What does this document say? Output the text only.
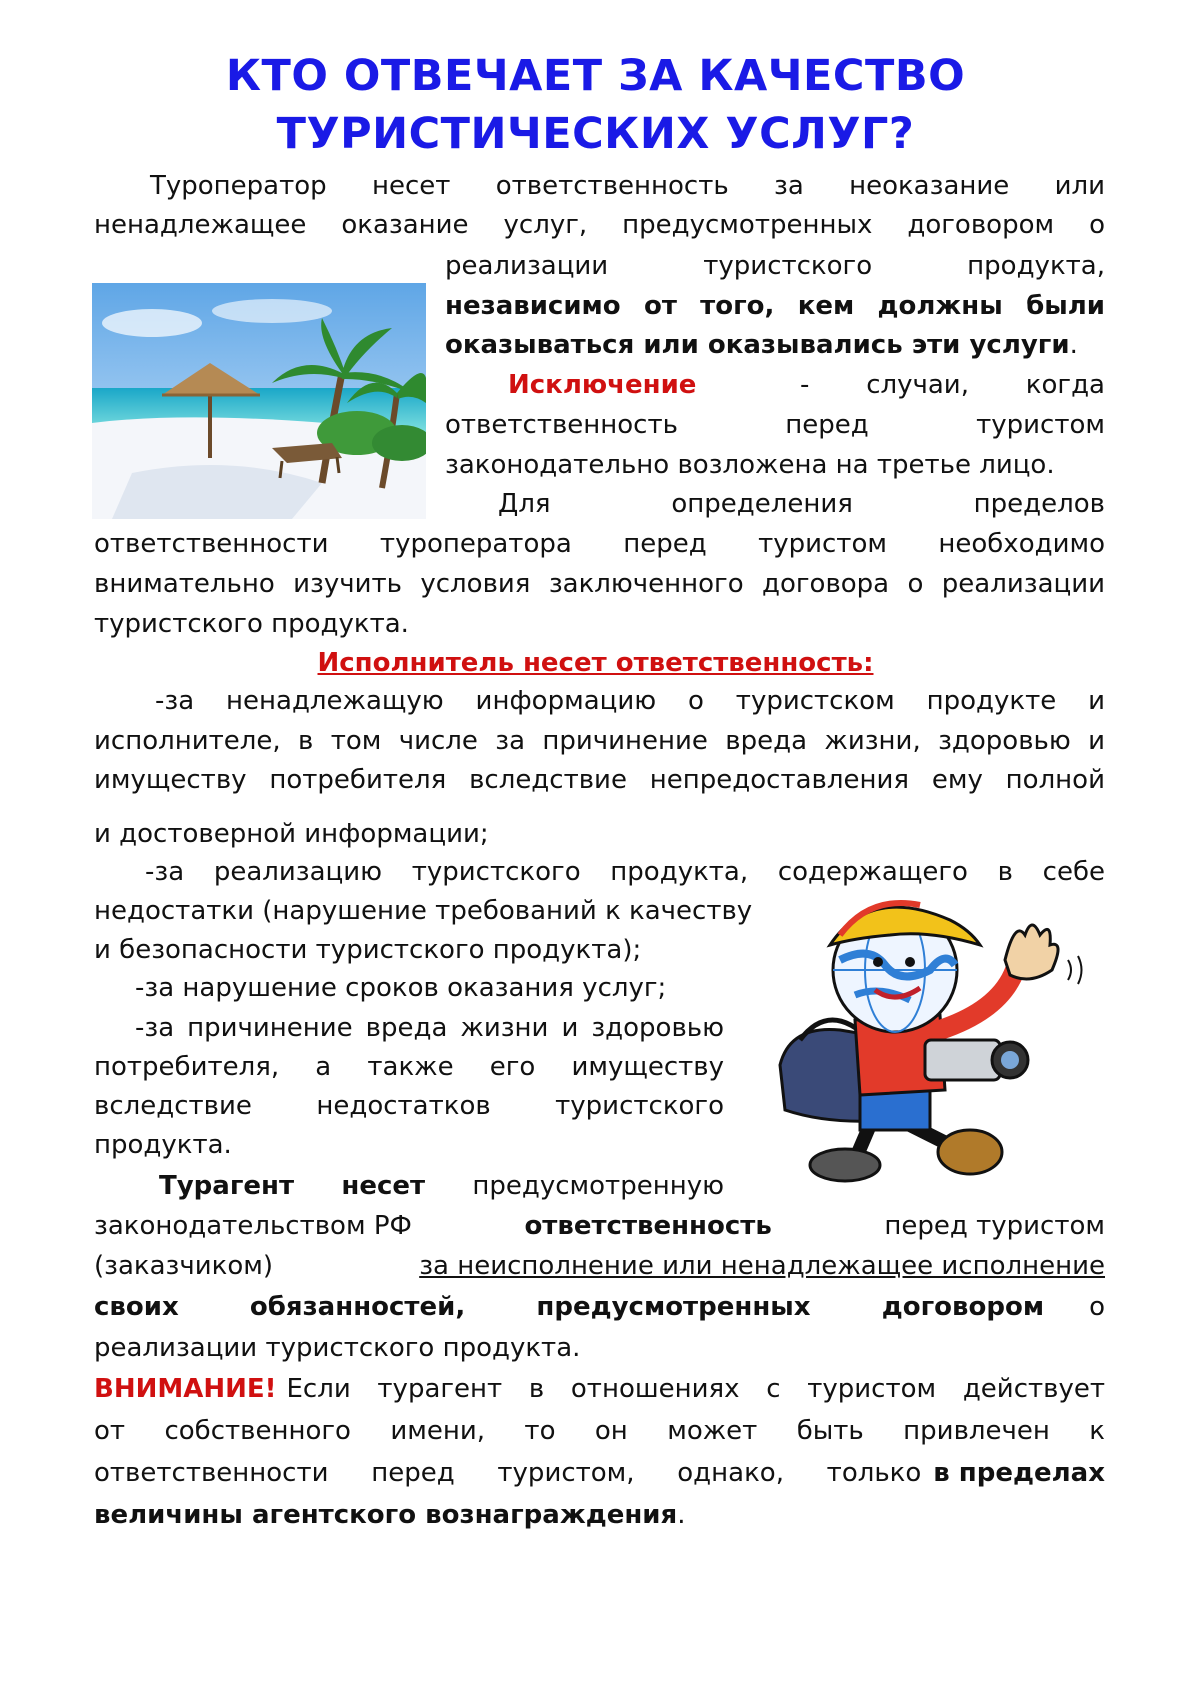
КТО ОТВЕЧАЕТ ЗА КАЧЕСТВО
ТУРИСТИЧЕСКИХ УСЛУГ?
Туроператор несет ответственность за неоказание или
ненадлежащее оказание услуг, предусмотренных договором о
реализации туристского продукта,
независимо от того, кем должны были
оказываться или оказывались эти услуги.
Исключение	- случаи, когда
ответственность перед туристом
законодательно возложена на третье лицо.
Для определения пределов
ответственности туроператора перед туристом необходимо
внимательно изучить условия заключенного договора о реализации
туристского продукта.
Исполнитель несет ответственность:
-за ненадлежащую информацию о туристском продукте и
исполнителе, в том числе за причинение вреда жизни, здоровью и
имуществу потребителя вследствие непредоставления ему полной
и достоверной информации;
-за реализацию туристского продукта, содержащего в себе
недостатки (нарушение требований к качеству
и безопасности туристского продукта);
-за нарушение сроков оказания услуг;
-за причинение вреда жизни и здоровью
потребителя, а также его имуществу
вследствие недостатков туристского
продукта.
Турагент несет предусмотренную
законодательством РФ	ответственность	перед туристом
(заказчиком)	за неисполнение или ненадлежащее исполнение
своих обязанностей, предусмотренных договором о
реализации туристского продукта.
ВНИМАНИЕ! Если турагент в отношениях с туристом действует
от собственного имени, то он может быть привлечен к
ответственности перед туристом, однако, только в пределах
величины агентского вознаграждения.
